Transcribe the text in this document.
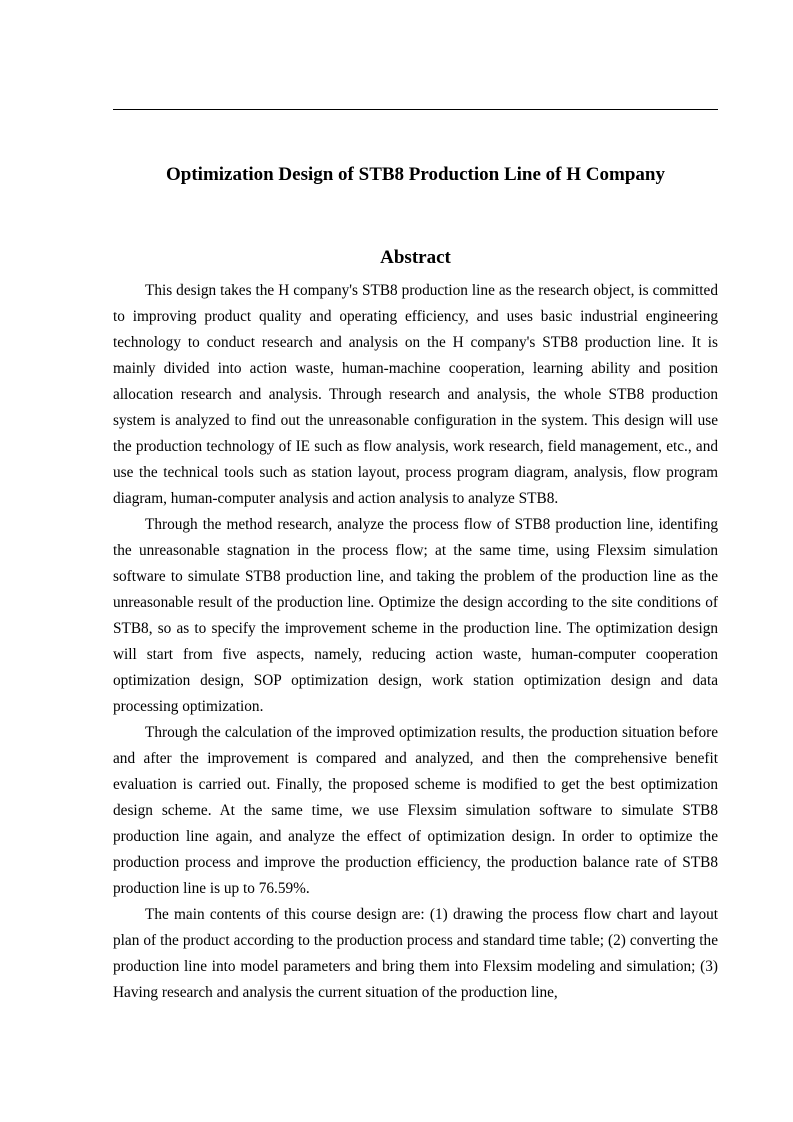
Optimization Design of STB8 Production Line of H Company
Abstract

This design takes the H company's STB8 production line as the research object, is committed to improving product quality and operating efficiency, and uses basic industrial engineering technology to conduct research and analysis on the H company's STB8 production line. It is mainly divided into action waste, human-machine cooperation, learning ability and position allocation research and analysis. Through research and analysis, the whole STB8 production system is analyzed to find out the unreasonable configuration in the system. This design will use the production technology of IE such as flow analysis, work research, field management, etc., and use the technical tools such as station layout, process program diagram, analysis, flow program diagram, human-computer analysis and action analysis to analyze STB8.

Through the method research, analyze the process flow of STB8 production line, identifing the unreasonable stagnation in the process flow; at the same time, using Flexsim simulation software to simulate STB8 production line, and taking the problem of the production line as the unreasonable result of the production line. Optimize the design according to the site conditions of STB8, so as to specify the improvement scheme in the production line. The optimization design will start from five aspects, namely, reducing action waste, human-computer cooperation optimization design, SOP optimization design, work station optimization design and data processing optimization.

Through the calculation of the improved optimization results, the production situation before and after the improvement is compared and analyzed, and then the comprehensive benefit evaluation is carried out. Finally, the proposed scheme is modified to get the best optimization design scheme. At the same time, we use Flexsim simulation software to simulate STB8 production line again, and analyze the effect of optimization design. In order to optimize the production process and improve the production efficiency, the production balance rate of STB8 production line is up to 76.59%.

The main contents of this course design are: (1) drawing the process flow chart and layout plan of the product according to the production process and standard time table; (2) converting the production line into model parameters and bring them into Flexsim modeling and simulation; (3) Having research and analysis the current situation of the production line,
